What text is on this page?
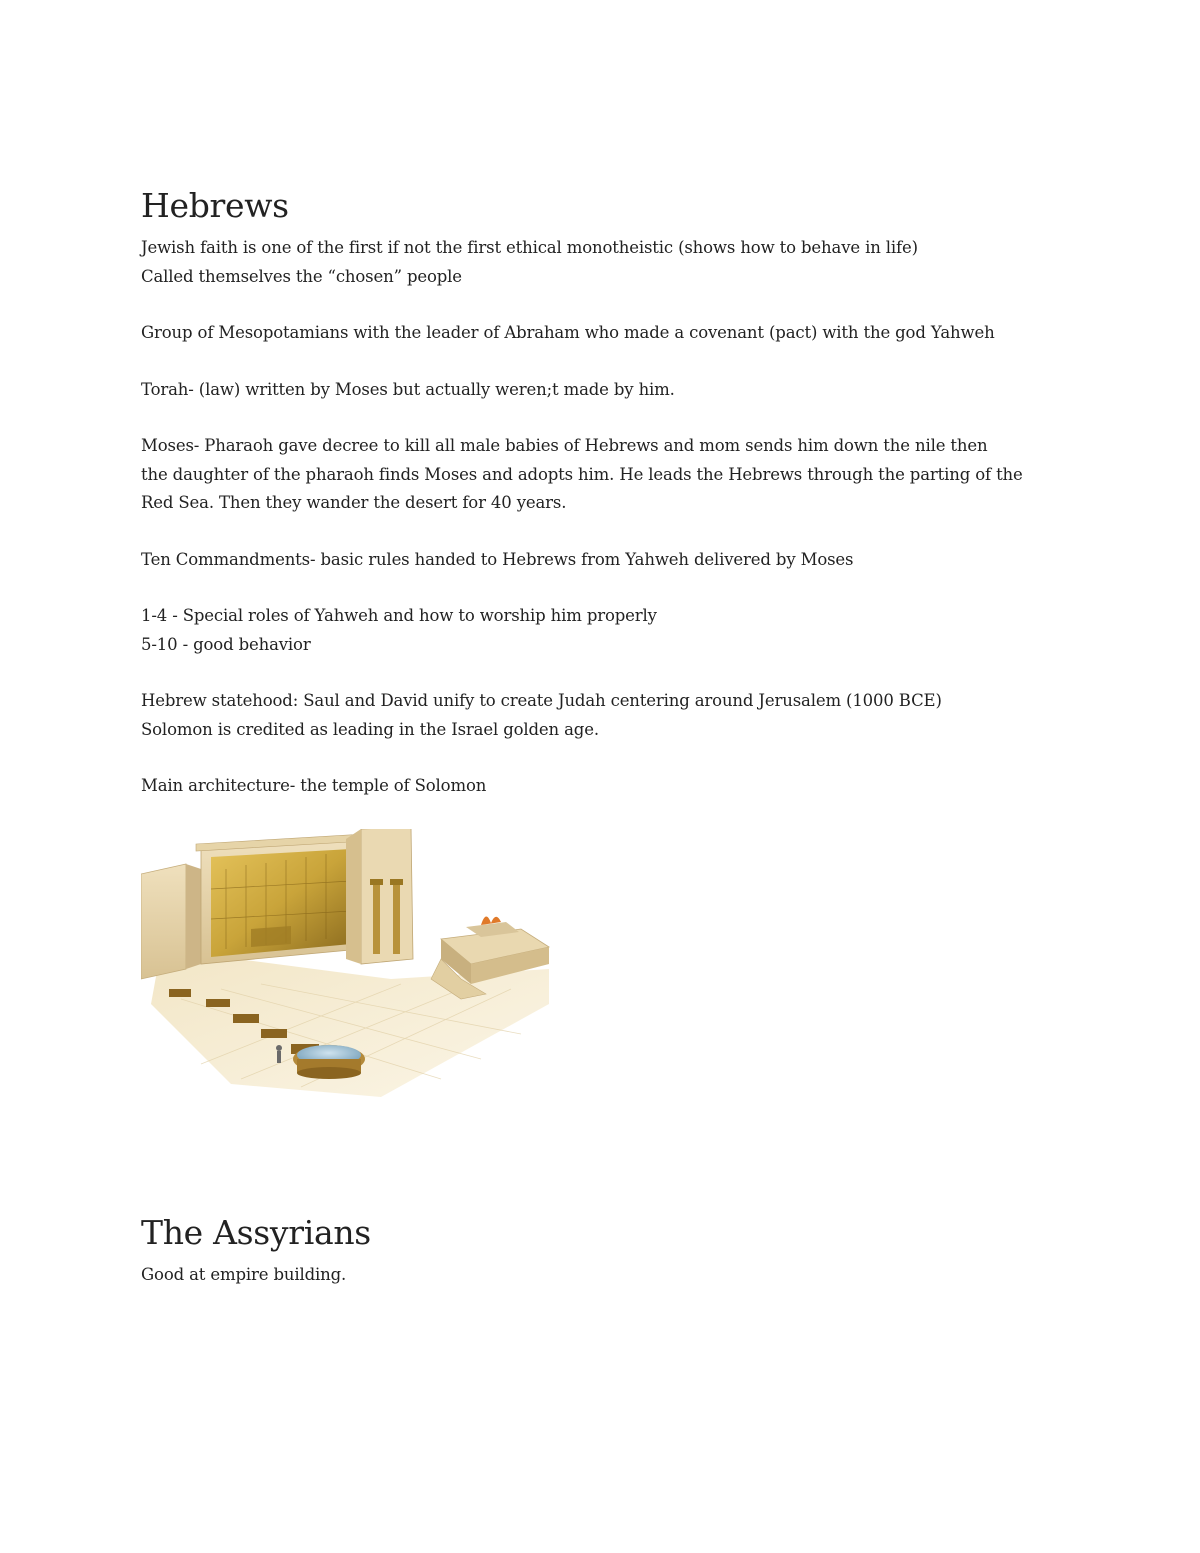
Hebrews

Jewish faith is one of the first if not the first ethical monotheistic (shows how to behave in life)

Called themselves the “chosen” people

Group of Mesopotamians with the leader of Abraham who made a covenant (pact) with the god Yahweh

Torah- (law) written by Moses but actually weren;t made by him.

Moses- Pharaoh gave decree to kill all male babies of Hebrews and mom sends him down the nile then

the daughter of the pharaoh finds Moses and adopts him. He leads the Hebrews through the parting of the

Red Sea. Then they wander the desert for 40 years.

Ten Commandments- basic rules handed to Hebrews from Yahweh delivered by Moses

1-4 - Special roles of Yahweh and how to worship him properly

5-10 - good behavior

Hebrew statehood: Saul and David unify to create Judah centering around Jerusalem (1000 BCE)

Solomon is credited as leading in the Israel golden age.

Main architecture- the temple of Solomon

The Assyrians

Good at empire building.
